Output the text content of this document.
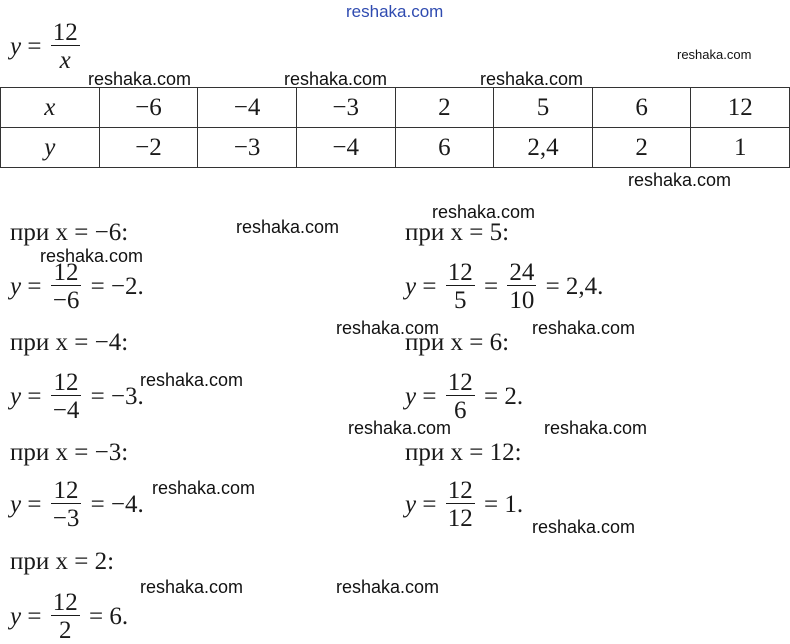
reshaka.com
$y = \frac{12}{x}$
x	−6	−4	−3	2	5	6	12
y	−2	−3	−4	6	2,4	2	1
при x = −6:
$y = \frac{12}{-6} = -2$.
при x = −4:
$y = \frac{12}{-4} = -3$.
при x = −3:
$y = \frac{12}{-3} = -4$.
при x = 2:
$y = \frac{12}{2} = 6$.
при x = 5:
$y = \frac{12}{5} = \frac{24}{10} = 2,4$.
при x = 6:
$y = \frac{12}{6} = 2$.
при x = 12:
$y = \frac{12}{12} = 1$.
reshaka.com
reshaka.com	reshaka.com	reshaka.com
reshaka.com
reshaka.com
reshaka.com
reshaka.com
reshaka.com	reshaka.com
reshaka.com
reshaka.com	reshaka.com
reshaka.com
reshaka.com
reshaka.com	reshaka.com
